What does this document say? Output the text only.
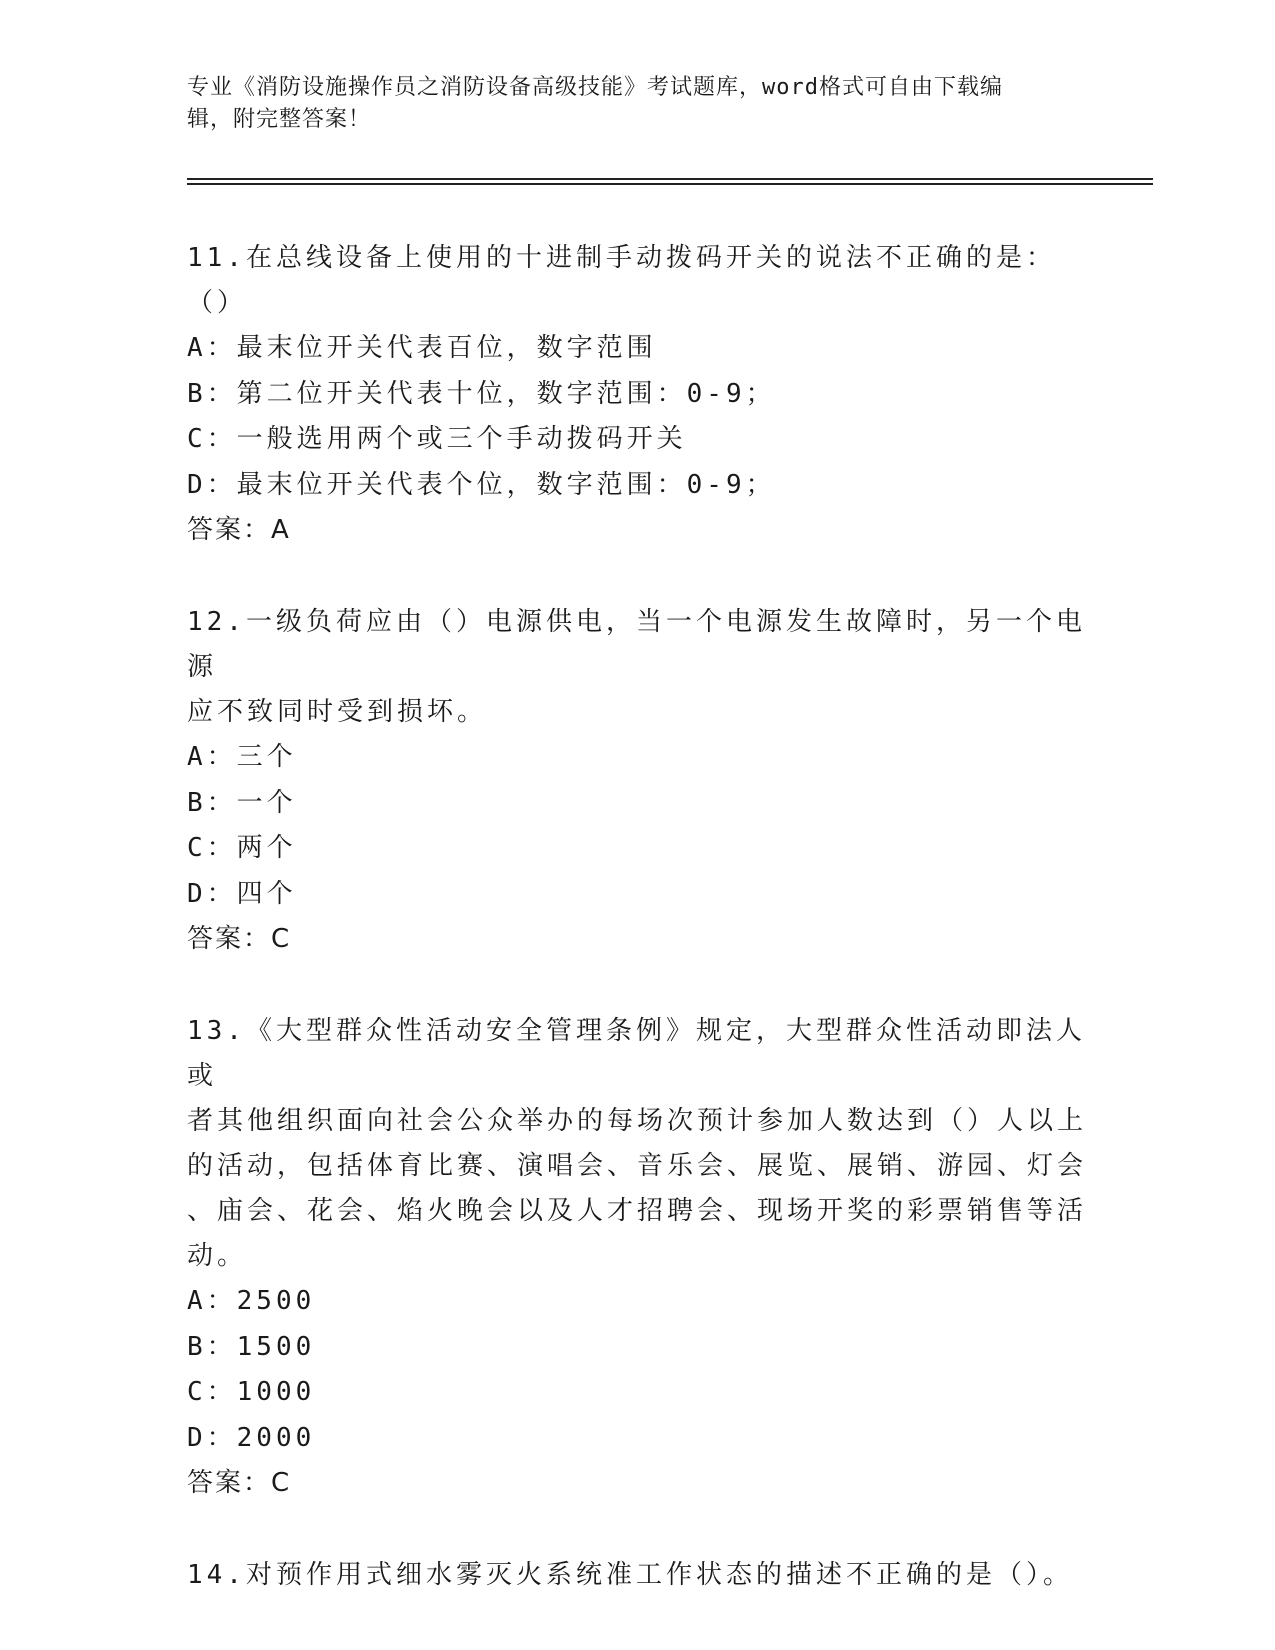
专业《消防设施操作员之消防设备高级技能》考试题库，word格式可自由下载编
辑，附完整答案！
11.在总线设备上使用的十进制手动拨码开关的说法不正确的是：（）
A：最末位开关代表百位，数字范围
B：第二位开关代表十位，数字范围：0-9；
C：一般选用两个或三个手动拨码开关
D：最末位开关代表个位，数字范围：0-9；
答案：A
12.一级负荷应由（）电源供电，当一个电源发生故障时，另一个电源
应不致同时受到损坏。
A：三个
B：一个
C：两个
D：四个
答案：C
13.《大型群众性活动安全管理条例》规定，大型群众性活动即法人或
者其他组织面向社会公众举办的每场次预计参加人数达到（）人以上
的活动，包括体育比赛、演唱会、音乐会、展览、展销、游园、灯会
、庙会、花会、焰火晚会以及人才招聘会、现场开奖的彩票销售等活
动。
A：2500
B：1500
C：1000
D：2000
答案：C
14.对预作用式细水雾灭火系统准工作状态的描述不正确的是（）。
